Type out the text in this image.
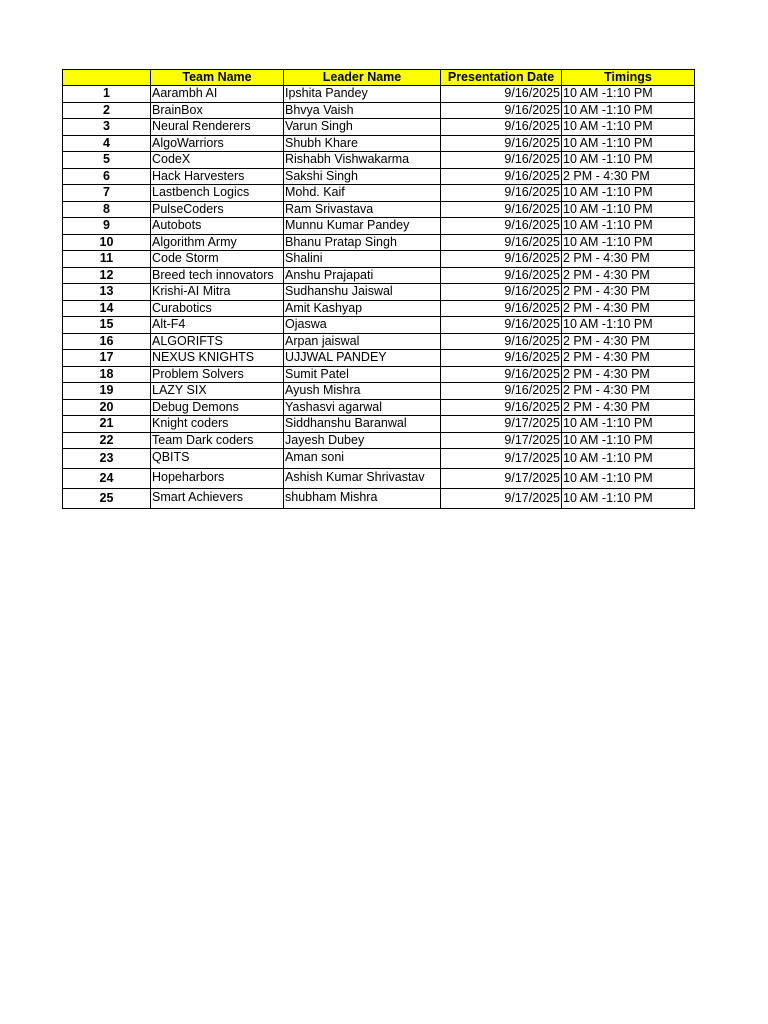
	Team Name	Leader Name	Presentation Date	Timings
1	Aarambh AI	Ipshita Pandey	9/16/2025	10 AM -1:10 PM
2	BrainBox	Bhvya Vaish	9/16/2025	10 AM -1:10 PM
3	Neural Renderers	Varun Singh	9/16/2025	10 AM -1:10 PM
4	AlgoWarriors	Shubh Khare	9/16/2025	10 AM -1:10 PM
5	CodeX	Rishabh Vishwakarma	9/16/2025	10 AM -1:10 PM
6	Hack Harvesters	Sakshi Singh	9/16/2025	2 PM - 4:30 PM
7	Lastbench Logics	Mohd. Kaif	9/16/2025	10 AM -1:10 PM
8	PulseCoders	Ram Srivastava	9/16/2025	10 AM -1:10 PM
9	Autobots	Munnu Kumar Pandey	9/16/2025	10 AM -1:10 PM
10	Algorithm Army	Bhanu Pratap Singh	9/16/2025	10 AM -1:10 PM
11	Code Storm	Shalini	9/16/2025	2 PM - 4:30 PM
12	Breed tech innovators	Anshu Prajapati	9/16/2025	2 PM - 4:30 PM
13	Krishi-AI Mitra	Sudhanshu Jaiswal	9/16/2025	2 PM - 4:30 PM
14	Curabotics	Amit Kashyap	9/16/2025	2 PM - 4:30 PM
15	Alt-F4	Ojaswa	9/16/2025	10 AM -1:10 PM
16	ALGORIFTS	Arpan jaiswal	9/16/2025	2 PM - 4:30 PM
17	NEXUS KNIGHTS	UJJWAL PANDEY	9/16/2025	2 PM - 4:30 PM
18	Problem Solvers	Sumit Patel	9/16/2025	2 PM - 4:30 PM
19	LAZY SIX	Ayush Mishra	9/16/2025	2 PM - 4:30 PM
20	Debug Demons	Yashasvi agarwal	9/16/2025	2 PM - 4:30 PM
21	Knight coders	Siddhanshu Baranwal	9/17/2025	10 AM -1:10 PM
22	Team Dark coders	Jayesh Dubey	9/17/2025	10 AM -1:10 PM
23	QBITS	Aman soni	9/17/2025	10 AM -1:10 PM
24	Hopeharbors	Ashish Kumar Shrivastav	9/17/2025	10 AM -1:10 PM
25	Smart Achievers	shubham Mishra	9/17/2025	10 AM -1:10 PM
